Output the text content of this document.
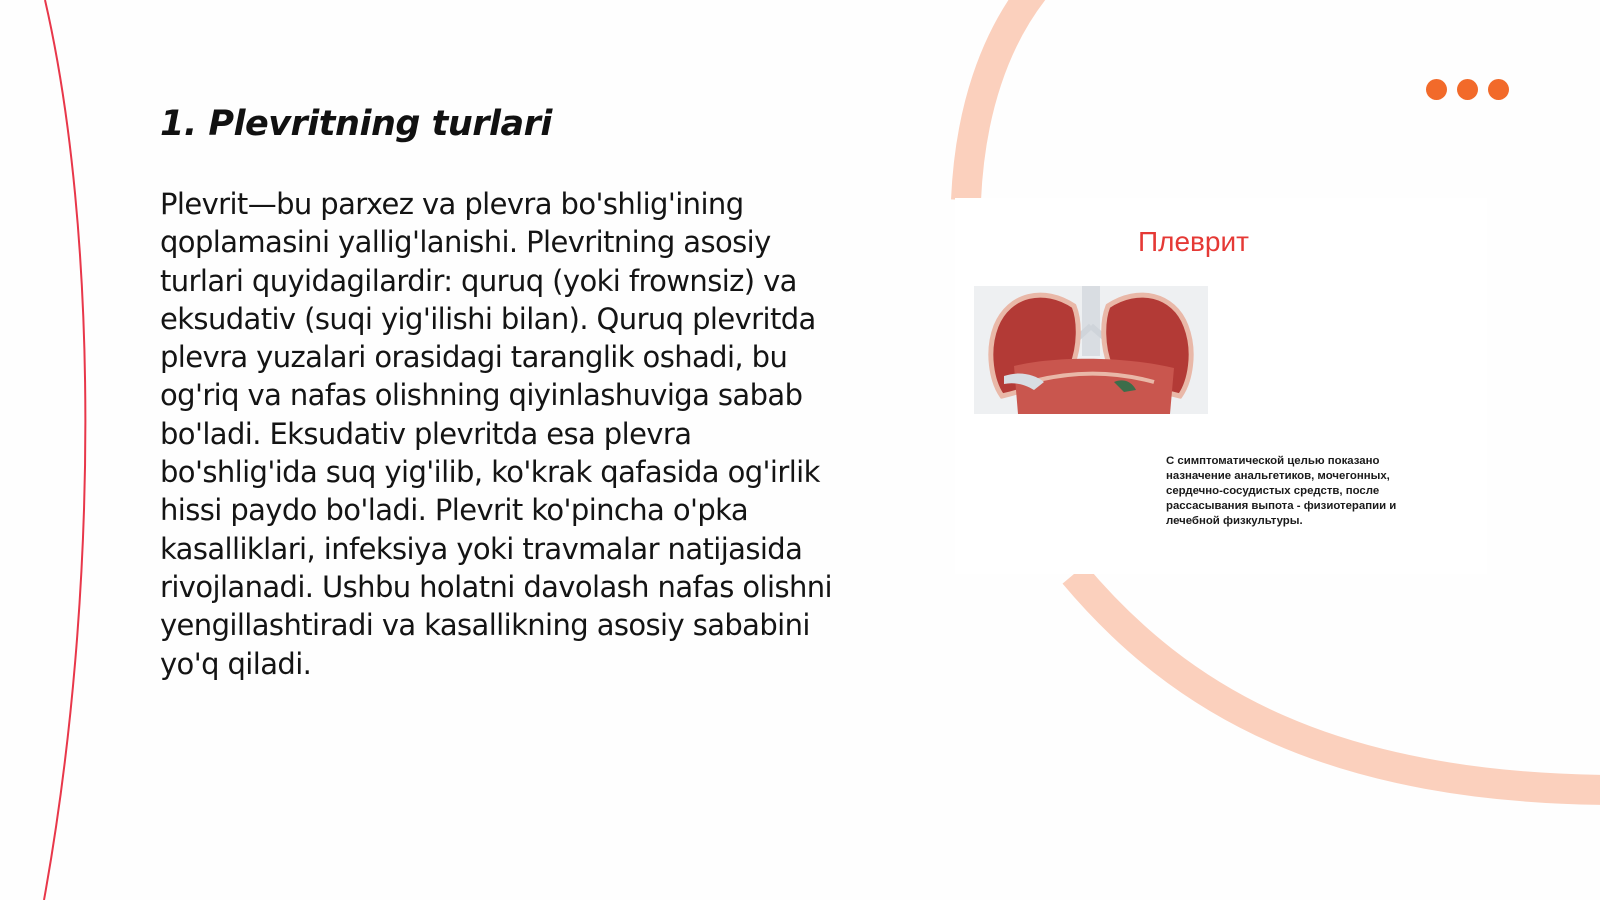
1. Plevritning turlari

Plevrit—bu parxez va plevra bo'shlig'ining qoplamasini yallig'lanishi. Plevritning asosiy turlari quyidagilardir: quruq (yoki frownsiz) va eksudativ (suqi yig'ilishi bilan). Quruq plevritda plevra yuzalari orasidagi taranglik oshadi, bu og'riq va nafas olishning qiyinlashuviga sabab bo'ladi. Eksudativ plevritda esa plevra bo'shlig'ida suq yig'ilib, ko'krak qafasida og'irlik hissi paydo bo'ladi. Plevrit ko'pincha o'pka kasalliklari, infeksiya yoki travmalar natijasida rivojlanadi. Ushbu holatni davolash nafas olishni yengillashtiradi va kasallikning asosiy sababini yo'q qiladi.

Плеврит

С симптоматической целью показано назначение анальгетиков, мочегонных, сердечно-сосудистых средств, после рассасывания выпота - физиотерапии и лечебной физкультуры.
